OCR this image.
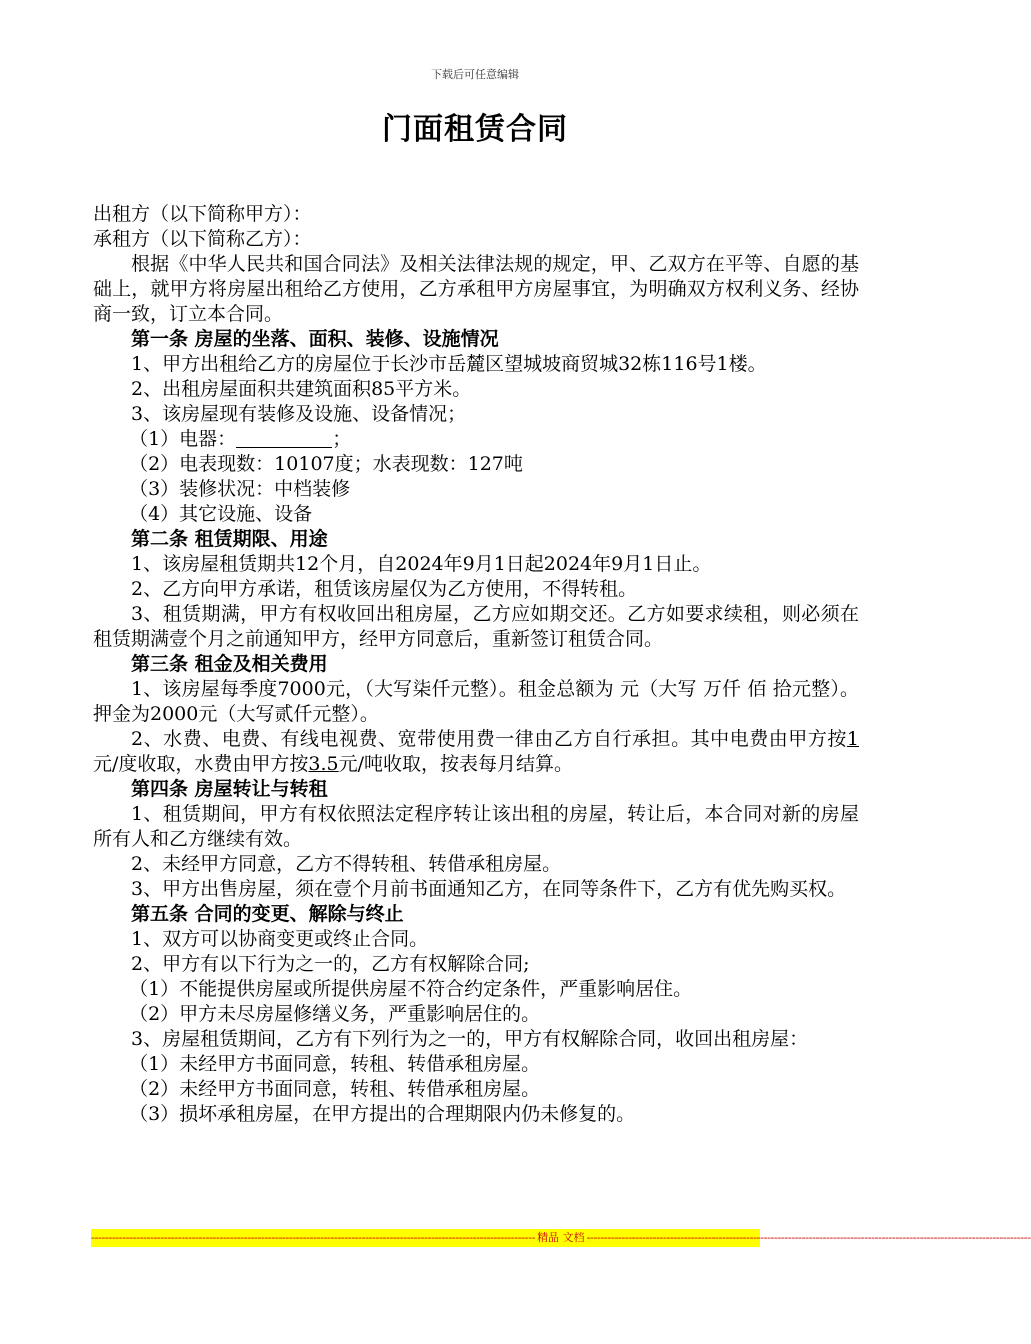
下载后可任意编辑
门面租赁合同

出租方（以下简称甲方）：

承租方（以下简称乙方）：

根据《中华人民共和国合同法》及相关法律法规的规定，甲、乙双方在平等、自愿的基础上，就甲方将房屋出租给乙方使用，乙方承租甲方房屋事宜，为明确双方权利义务、经协商一致，订立本合同。

第一条 房屋的坐落、面积、装修、设施情况

1、甲方出租给乙方的房屋位于长沙市岳麓区望城坡商贸城32栋116号1楼。

2、出租房屋面积共建筑面积85平方米。

3、该房屋现有装修及设施、设备情况；

（1）电器：	；

（2）电表现数：10107度；水表现数：127吨

（3）装修状况：中档装修

（4）其它设施、设备

第二条 租赁期限、用途

1、该房屋租赁期共12个月，自2024年9月1日起2024年9月1日止。

2、乙方向甲方承诺，租赁该房屋仅为乙方使用，不得转租。

3、租赁期满，甲方有权收回出租房屋，乙方应如期交还。乙方如要求续租，则必须在租赁期满壹个月之前通知甲方，经甲方同意后，重新签订租赁合同。

第三条 租金及相关费用

1、该房屋每季度7000元，（大写柒仟元整）。租金总额为 元（大写 万仟 佰 拾元整）。押金为2000元（大写贰仟元整）。

2、水费、电费、有线电视费、宽带使用费一律由乙方自行承担。其中电费由甲方按1元/度收取，水费由甲方按3.5元/吨收取，按表每月结算。

第四条 房屋转让与转租

1、租赁期间，甲方有权依照法定程序转让该出租的房屋，转让后，本合同对新的房屋所有人和乙方继续有效。

2、未经甲方同意，乙方不得转租、转借承租房屋。

3、甲方出售房屋，须在壹个月前书面通知乙方，在同等条件下，乙方有优先购买权。

第五条 合同的变更、解除与终止

1、双方可以协商变更或终止合同。

2、甲方有以下行为之一的，乙方有权解除合同;

（1）不能提供房屋或所提供房屋不符合约定条件，严重影响居住。

（2）甲方未尽房屋修缮义务，严重影响居住的。

3、房屋租赁期间，乙方有下列行为之一的，甲方有权解除合同，收回出租房屋：

（1）未经甲方书面同意，转租、转借承租房屋。

（2）未经甲方书面同意，转租、转借承租房屋。

（3）损坏承租房屋，在甲方提出的合理期限内仍未修复的。

-------------------------------------------------------------------------------------------------------------------------------- 精品 文档 --------------------------------------------------------------------------------------------------------------------------------
